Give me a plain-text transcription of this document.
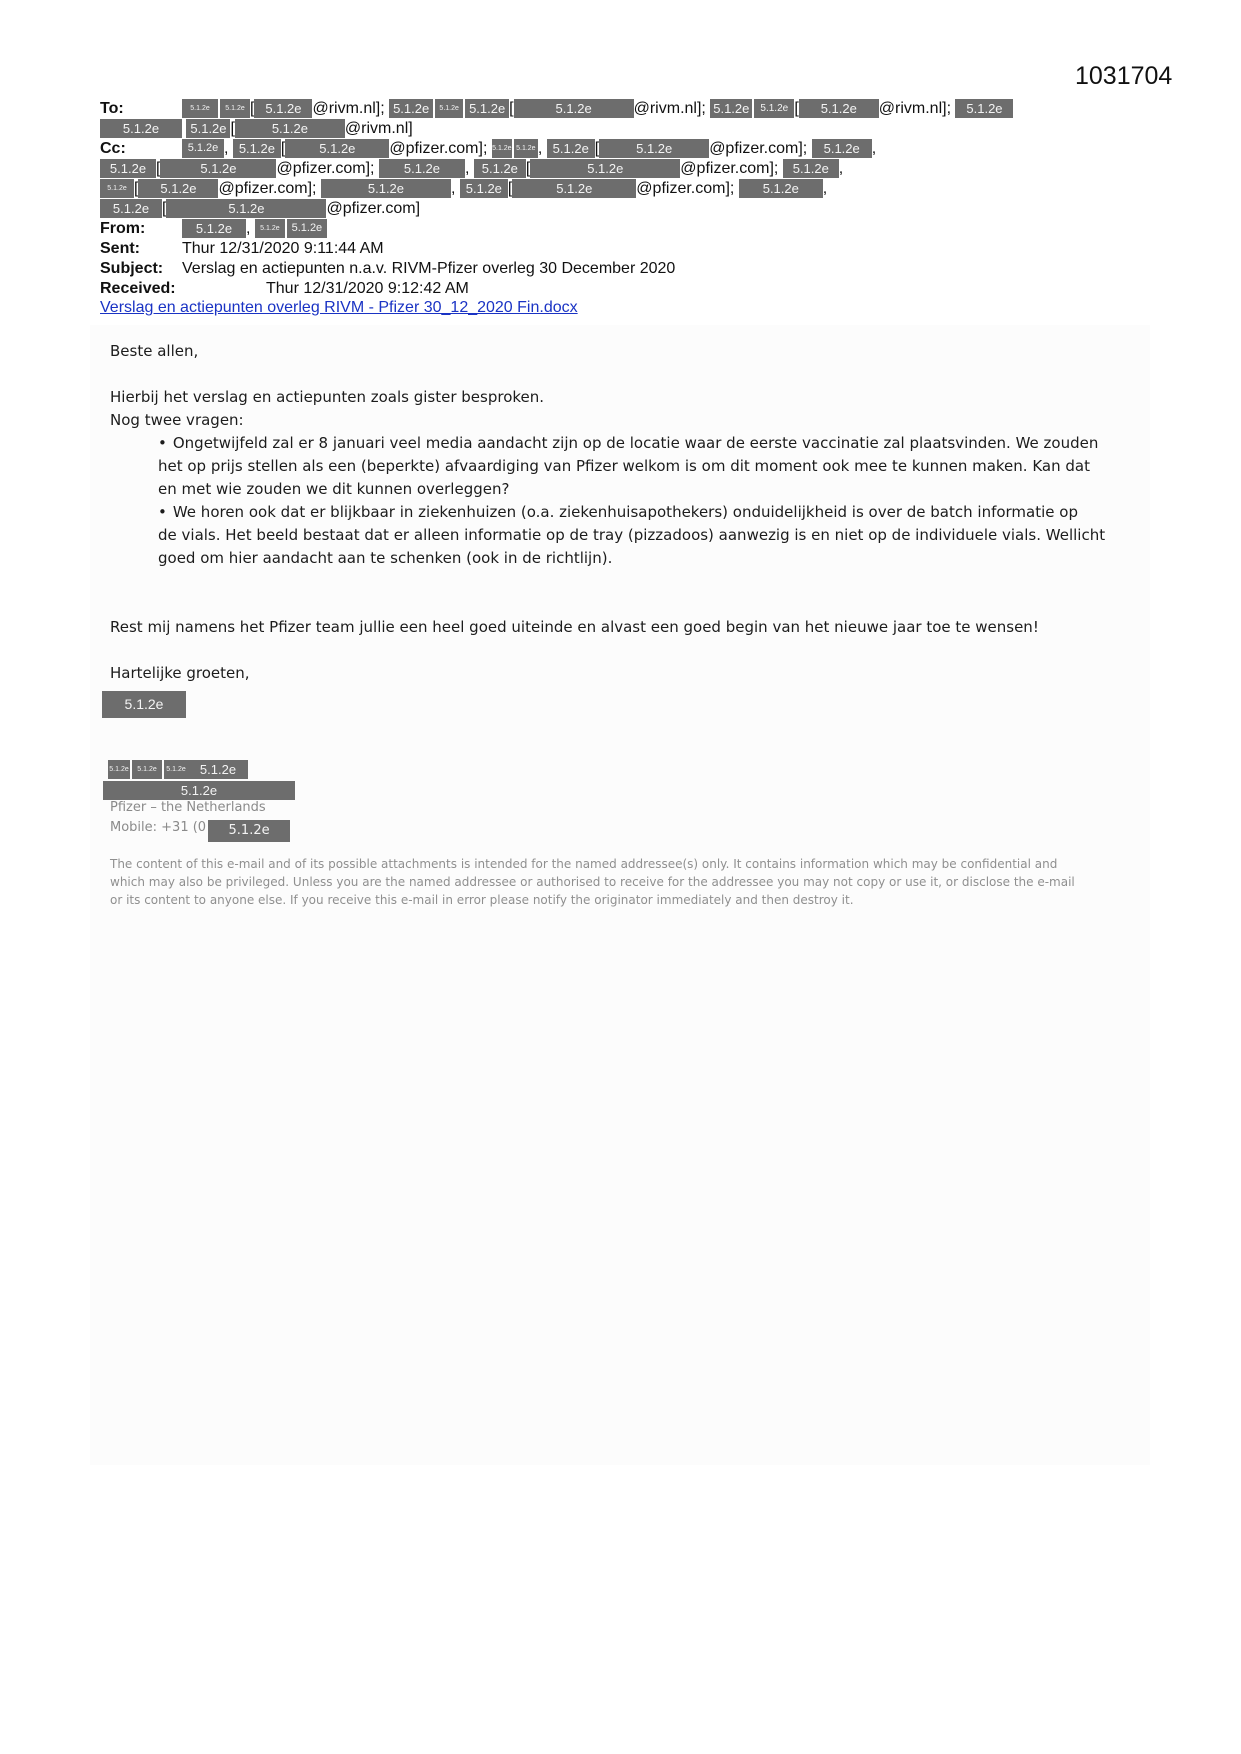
1031704
To:	5.1.2e 5.1.2e [ 5.1.2e @rivm.nl]; 5.1.2e 5.1.2e 5.1.2e [	5.1.2e	@rivm.nl]; 5.1.2e 5.1.2e [ 5.1.2e @rivm.nl]; 5.1.2e
5.1.2e 5.1.2e [	5.1.2e @rivm.nl]
Cc:	5.1.2e , 5.1.2e [	5.1.2e @pfizer.com]; 5.1.2e 5.1.2e , 5.1.2e [	5.1.2e @pfizer.com]; 5.1.2e ,
5.1.2e [	5.1.2e @pfizer.com]; 5.1.2e , 5.1.2e [	5.1.2e	@pfizer.com]; 5.1.2e ,
5.1.2e [ 5.1.2e @pfizer.com];	5.1.2e	, 5.1.2e [	5.1.2e	@pfizer.com]; 5.1.2e ,
5.1.2e [	5.1.2e	@pfizer.com]
From:	5.1.2e , 5.1.2e 5.1.2e
Sent:	Thur 12/31/2020 9:11:44 AM
Subject: Verslag en actiepunten n.a.v. RIVM-Pfizer overleg 30 December 2020
Received:	Thur 12/31/2020 9:12:42 AM
Verslag en actiepunten overleg RIVM - Pfizer 30_12_2020 Fin.docx

Beste allen,

Hierbij het verslag en actiepunten zoals gister besproken.

Nog twee vragen:

• Ongetwijfeld zal er 8 januari veel media aandacht zijn op de locatie waar de eerste vaccinatie zal plaatsvinden. We zouden

het op prijs stellen als een (beperkte) afvaardiging van Pfizer welkom is om dit moment ook mee te kunnen maken. Kan dat

en met wie zouden we dit kunnen overleggen?

• We horen ook dat er blijkbaar in ziekenhuizen (o.a. ziekenhuisapothekers) onduidelijkheid is over de batch informatie op

de vials. Het beeld bestaat dat er alleen informatie op de tray (pizzadoos) aanwezig is en niet op de individuele vials. Wellicht

goed om hier aandacht aan te schenken (ook in de richtlijn).

Rest mij namens het Pfizer team jullie een heel goed uiteinde en alvast een goed begin van het nieuwe jaar toe te wensen!

Hartelijke groeten,

5.1.2e
5.1.2e 5.1.2e 5.1.2e 5.1.2e
5.1.2e
Pfizer – the Netherlands
Mobile: +31 (0 5.1.2e
The content of this e-mail and of its possible attachments is intended for the named addressee(s) only. It contains information which may be confidential and
which may also be privileged. Unless you are the named addressee or authorised to receive for the addressee you may not copy or use it, or disclose the e-mail
or its content to anyone else. If you receive this e-mail in error please notify the originator immediately and then destroy it.
